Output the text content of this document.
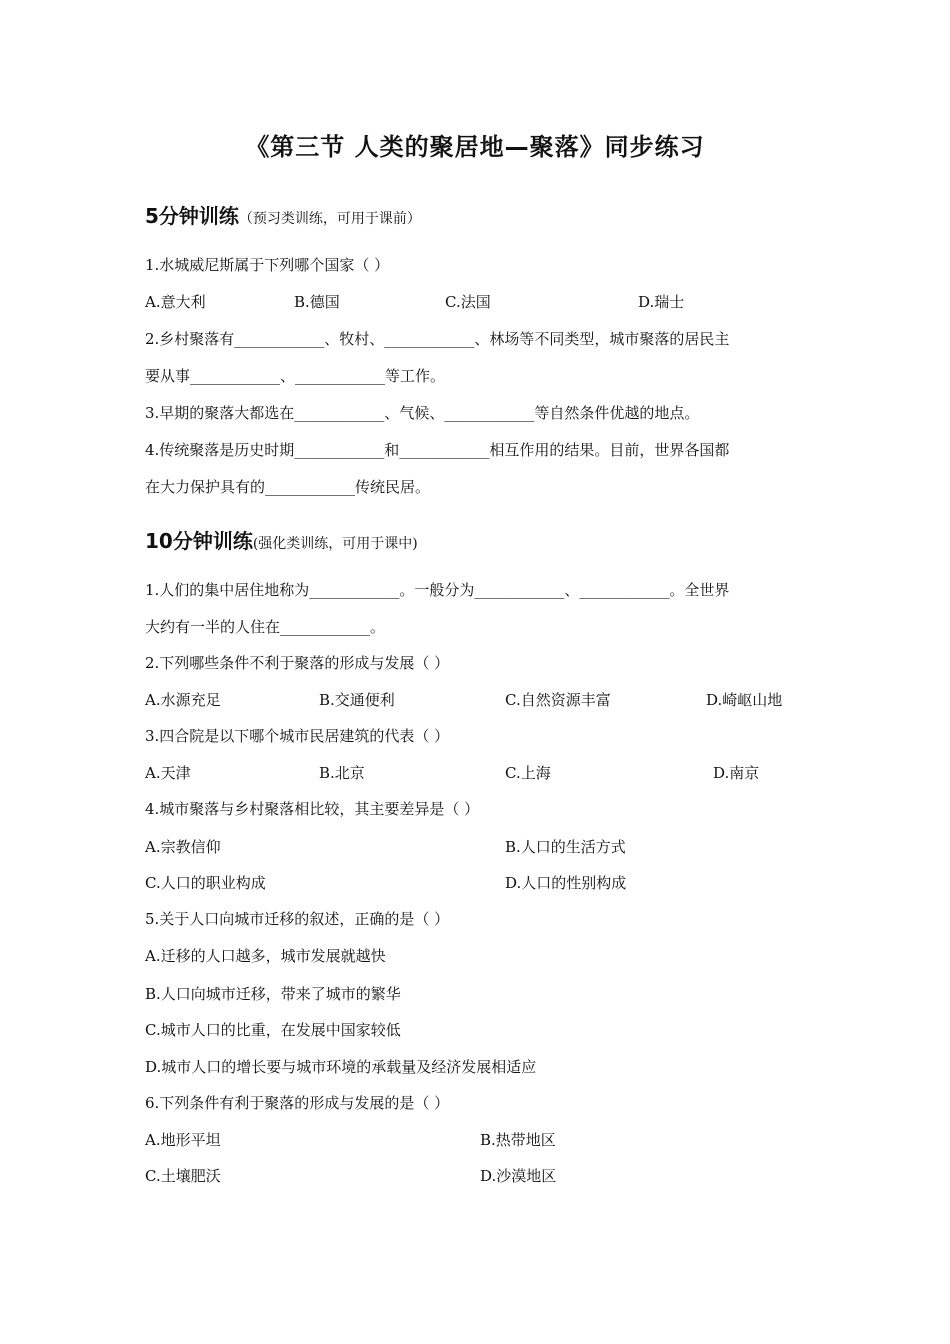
《第三节 人类的聚居地—聚落》同步练习
5分钟训练（预习类训练，可用于课前）
1.水城威尼斯属于下列哪个国家（ ）
A.意大利	B.德国	C.法国	D.瑞士
2.乡村聚落有____________、牧村、____________、林场等不同类型，城市聚落的居民主
要从事____________、____________等工作。
3.早期的聚落大都选在____________、气候、____________等自然条件优越的地点。
4.传统聚落是历史时期____________和____________相互作用的结果。目前，世界各国都
在大力保护具有的____________传统民居。
10分钟训练(强化类训练，可用于课中)
1.人们的集中居住地称为____________。一般分为____________、____________。全世界
大约有一半的人住在____________。
2.下列哪些条件不利于聚落的形成与发展（ ）
A.水源充足	B.交通便利	C.自然资源丰富	D.崎岖山地
3.四合院是以下哪个城市民居建筑的代表（ ）
A.天津	B.北京	C.上海	D.南京
4.城市聚落与乡村聚落相比较，其主要差异是（ ）
A.宗教信仰	B.人口的生活方式
C.人口的职业构成	D.人口的性别构成
5.关于人口向城市迁移的叙述，正确的是（ ）
A.迁移的人口越多，城市发展就越快
B.人口向城市迁移，带来了城市的繁华
C.城市人口的比重，在发展中国家较低
D.城市人口的增长要与城市环境的承载量及经济发展相适应
6.下列条件有利于聚落的形成与发展的是（ ）
A.地形平坦	B.热带地区
C.土壤肥沃	D.沙漠地区
